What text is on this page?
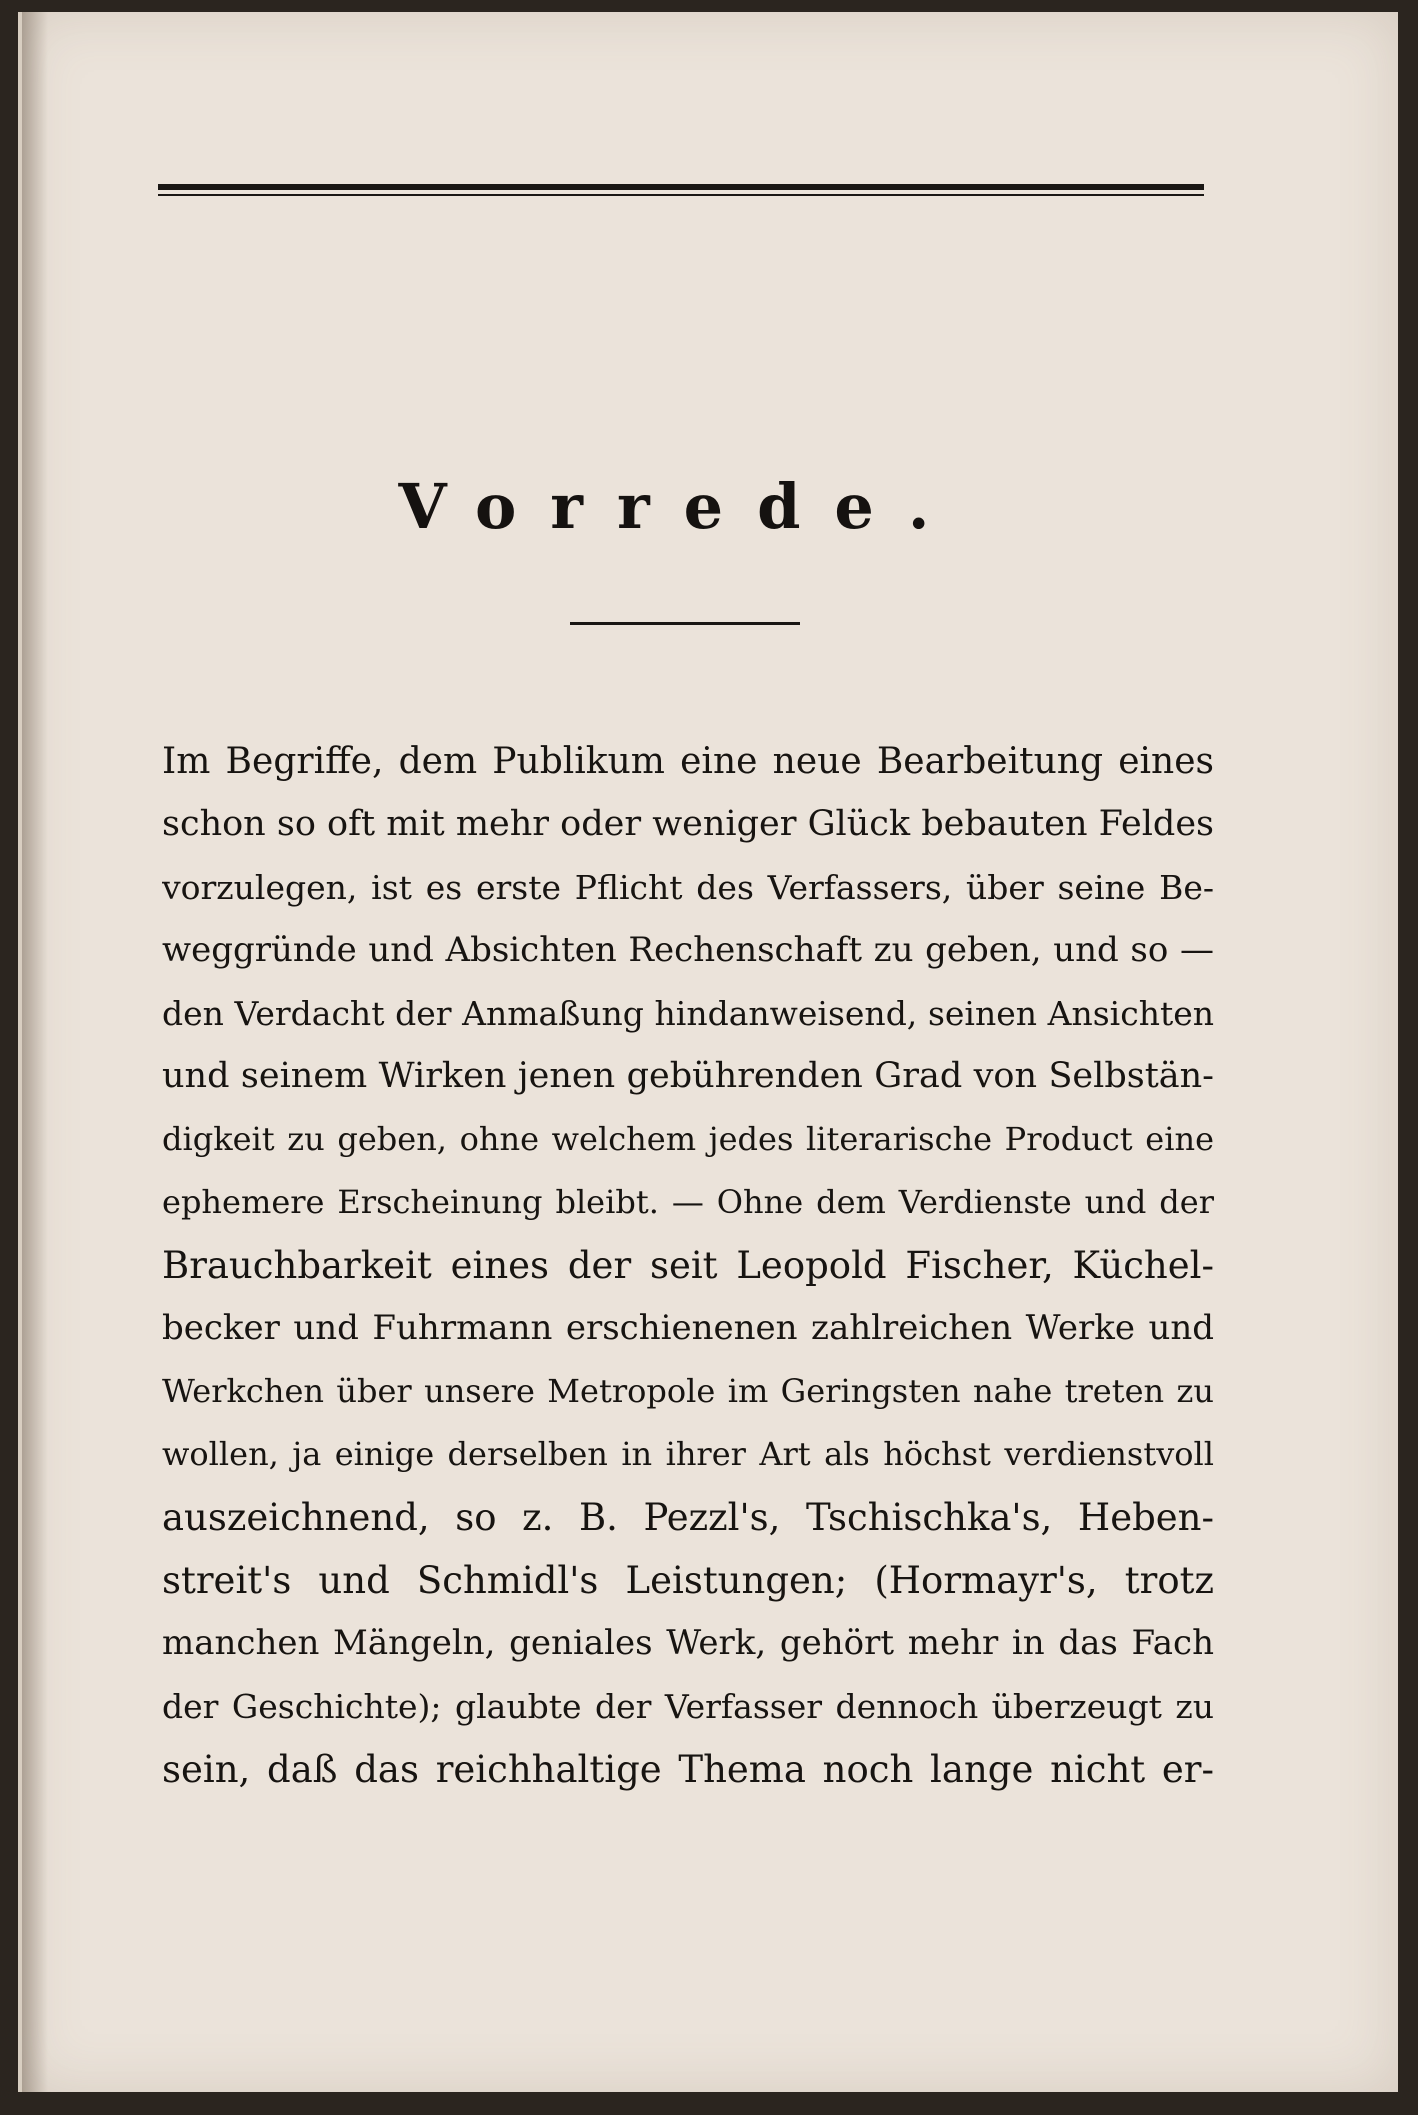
Vorrede.
Im Begriffe, dem Publikum eine neue Bearbeitung eines
schon so oft mit mehr oder weniger Glück bebauten Feldes
vorzulegen, ist es erste Pflicht des Verfassers, über seine Be-
weggründe und Absichten Rechenschaft zu geben, und so —
den Verdacht der Anmaßung hindanweisend, seinen Ansichten
und seinem Wirken jenen gebührenden Grad von Selbstän-
digkeit zu geben, ohne welchem jedes literarische Product eine
ephemere Erscheinung bleibt. — Ohne dem Verdienste und der
Brauchbarkeit eines der seit Leopold Fischer, Küchel-
becker und Fuhrmann erschienenen zahlreichen Werke und
Werkchen über unsere Metropole im Geringsten nahe treten zu
wollen, ja einige derselben in ihrer Art als höchst verdienstvoll
auszeichnend, so z. B. Pezzl's, Tschischka's, Heben-
streit's und Schmidl's Leistungen; (Hormayr's, trotz
manchen Mängeln, geniales Werk, gehört mehr in das Fach
der Geschichte); glaubte der Verfasser dennoch überzeugt zu
sein, daß das reichhaltige Thema noch lange nicht er-
